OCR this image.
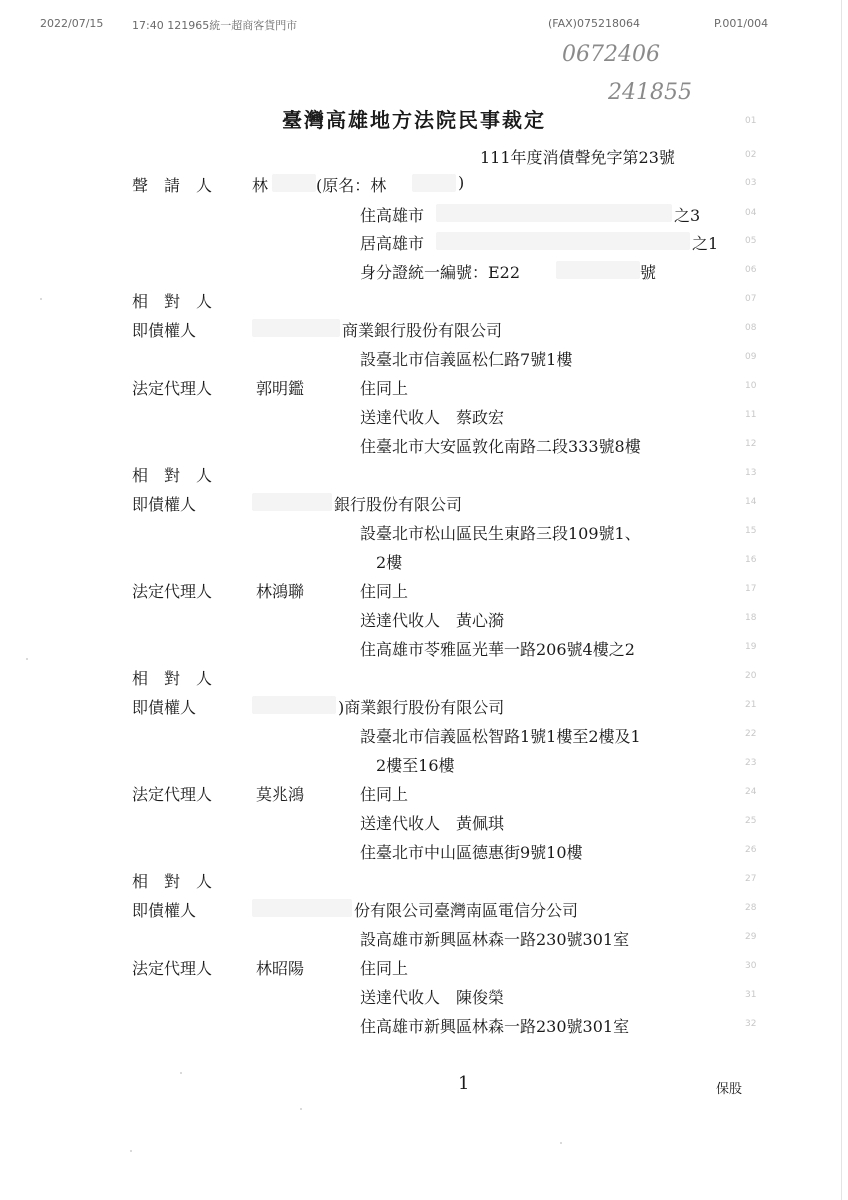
2022/07/15	17:40 121965統一超商客貨門市	(FAX)075218064	P.001/004
0672406
241855
臺灣高雄地方法院民事裁定
111年度消債聲免字第23號
01
02
聲　請　人 林	(原名：林	)	03
住高雄市	之3	04
居高雄市	之1	05
身分證統一編號：E22	號	06
相　對　人	07
即債權人	商業銀行股份有限公司	08
設臺北市信義區松仁路7號1樓	09
法定代理人	郭明鑑	住同上	10
送達代收人　蔡政宏	11
住臺北市大安區敦化南路二段333號8樓	12
相　對　人	13
即債權人	銀行股份有限公司	14
設臺北市松山區民生東路三段109號1、	15
2樓	16
法定代理人	林鴻聯	住同上	17
送達代收人　黃心漪	18
住高雄市苓雅區光華一路206號4樓之2	19
相　對　人	20
即債權人	)商業銀行股份有限公司	21
設臺北市信義區松智路1號1樓至2樓及1	22
2樓至16樓	23
法定代理人	莫兆鴻	住同上	24
送達代收人　黃佩琪	25
住臺北市中山區德惠街9號10樓	26
相　對　人	27
即債權人	份有限公司臺灣南區電信分公司	28
設高雄市新興區林森一路230號301室	29
法定代理人	林昭陽	住同上	30
送達代收人　陳俊榮	31
住高雄市新興區林森一路230號301室	32
1	保股
